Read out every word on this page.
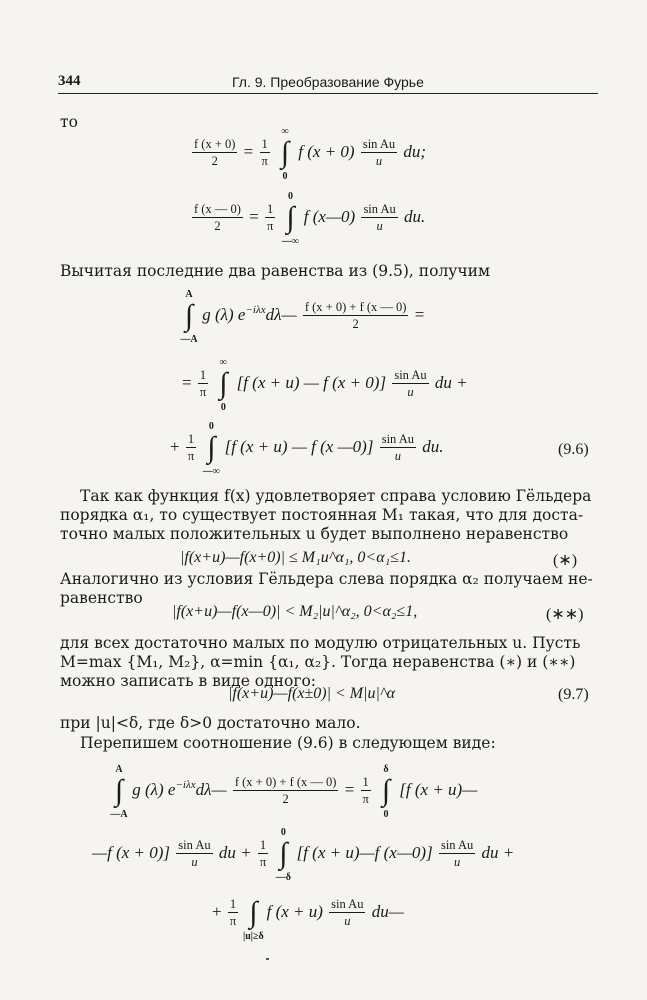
344	Гл. 9. Преобразование Фурье
то
$\frac{f (x + 0)}{2} = \frac{1}{\pi}$

∞
∫
0
f $(x + 0) \frac{\text{sin Au}}{u}$ du;
$\frac{f (x — 0)}{2} = \frac{1}{\pi}$

0
∫
—∞
f (x—0) $\frac{\text{sin Au}}{u}$ du.
Вычитая последние два равенства из (9.5), получим
A
∫
—A
g (λ) $e^{-i\lambda x}d\lambda— \frac{f (x + 0) + f (x — 0)}{2}$ =
= $\frac{1}{\pi}$

∞
∫
0
[f (x + u) — f $(x + 0)] \frac{\text{sin Au}}{u}$ du +
+ $\frac{1}{\pi}$

0
∫
—∞
[f (x + u) — f (x —0)] $\frac{\text{sin Au}}{u}$ du.	(9.6)
Так как функция f(x) удовлетворяет справа условию Гёльдера
порядка α₁, то существует постоянная M₁ такая, что для доста-
точно малых положительных u будет выполнено неравенство
|f(x+u)—f(x+0)| ≤ M₁u^α₁, 0<α₁≤1.	(∗)
Аналогично из условия Гёльдера слева порядка α₂ получаем не-
равенство
|f(x+u)—f(x—0)| < M₂|u|^α₂, 0<α₂≤1,	(∗∗)
для всех достаточно малых по модулю отрицательных u. Пусть
M=max {M₁, M₂}, α=min {α₁, α₂}. Тогда неравенства (∗) и (∗∗)
можно записать в виде одного:
|f(x+u)—f(x±0)| < M|u|^α	(9.7)
при |u|<δ, где δ>0 достаточно мало.
Перепишем соотношение (9.6) в следующем виде:
A
∫
—A
g (λ) $e^{-i\lambda x}d\lambda— \frac{f (x + 0) + f (x — 0)}{2} = \frac{1}{\pi}$

δ
∫
0
[f (x + u)—
—f $(x + 0)] \frac{\text{sin Au}}{u}$ du + $\frac{1}{\pi}$

0
∫
—δ
[f (x + u)—f (x—0)] $\frac{\text{sin Au}}{u}$ du +
+ $\frac{1}{\pi}$
∫
|u|≥δ
f $(x + u) \frac{\text{sin Au}}{u}$ du—
